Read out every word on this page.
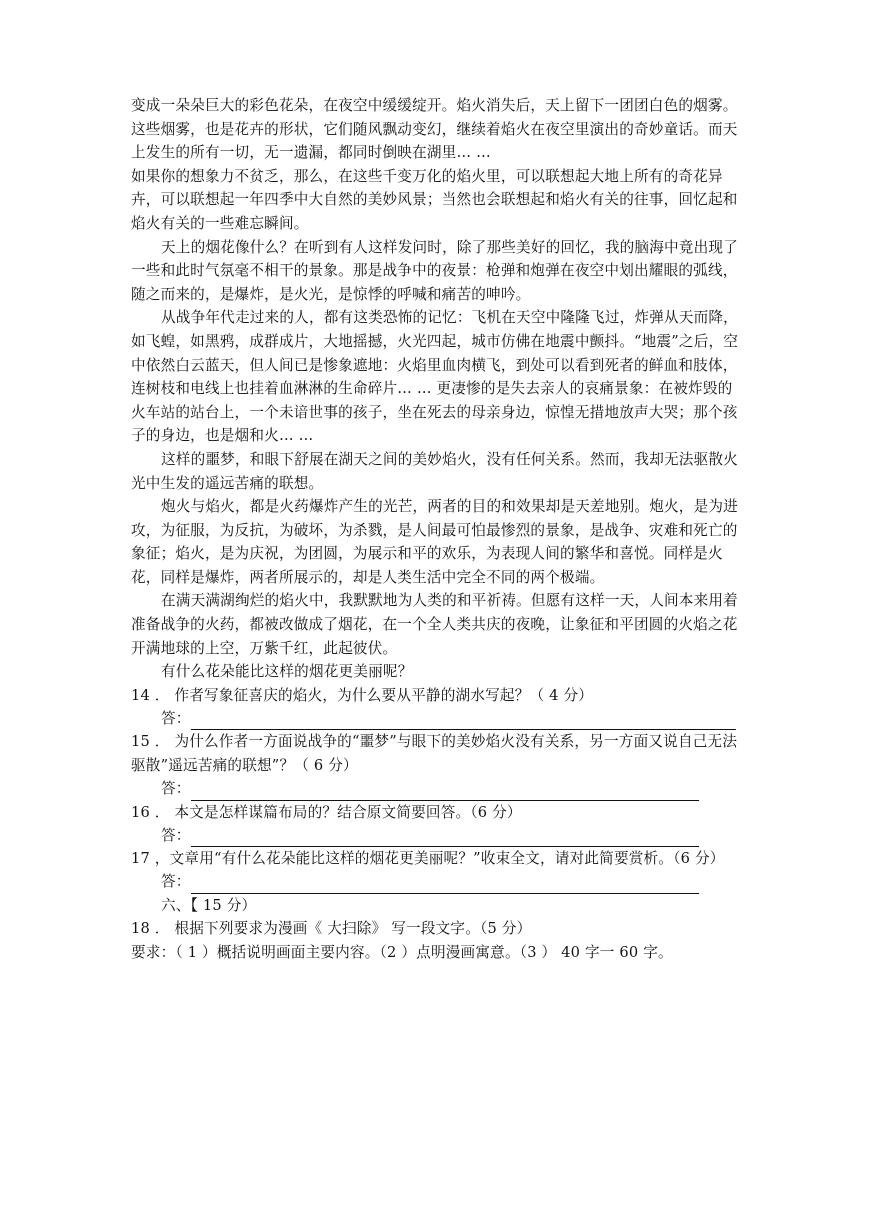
变成一朵朵巨大的彩色花朵，在夜空中缓缓绽开。焰火消失后，天上留下一团团白色的烟雾。这些烟雾，也是花卉的形状，它们随风飘动变幻，继续着焰火在夜空里演出的奇妙童话。而天上发生的所有一切，无一遗漏，都同时倒映在湖里… …

如果你的想象力不贫乏，那么，在这些千变万化的焰火里，可以联想起大地上所有的奇花异卉，可以联想起一年四季中大自然的美妙风景；当然也会联想起和焰火有关的往事，回忆起和焰火有关的一些难忘瞬间。

天上的烟花像什么？在听到有人这样发问时，除了那些美好的回忆，我的脑海中竟出现了一些和此时气氛毫不相干的景象。那是战争中的夜景：枪弹和炮弹在夜空中划出耀眼的弧线，随之而来的，是爆炸，是火光，是惊悸的呼喊和痛苦的呻吟。

从战争年代走过来的人，都有这类恐怖的记忆：飞机在天空中隆隆飞过，炸弹从天而降，如飞蝗，如黑鸦，成群成片，大地摇撼，火光四起，城市仿佛在地震中颤抖。“地震”之后，空中依然白云蓝天，但人间已是惨象遮地：火焰里血肉横飞，到处可以看到死者的鲜血和肢体，连树枝和电线上也挂着血淋淋的生命碎片… … 更凄惨的是失去亲人的哀痛景象：在被炸毁的火车站的站台上，一个未谙世事的孩子，坐在死去的母亲身边，惊惶无措地放声大哭；那个孩子的身边，也是烟和火… …

这样的噩梦，和眼下舒展在湖天之间的美妙焰火，没有任何关系。然而，我却无法驱散火光中生发的遥远苦痛的联想。

炮火与焰火，都是火药爆炸产生的光芒，两者的目的和效果却是天差地别。炮火，是为进攻，为征服，为反抗，为破坏，为杀戮，是人间最可怕最惨烈的景象，是战争、灾难和死亡的象征；焰火，是为庆祝，为团圆，为展示和平的欢乐，为表现人间的繁华和喜悦。同样是火花，同样是爆炸，两者所展示的，却是人类生活中完全不同的两个极端。

在满天满湖绚烂的焰火中，我默默地为人类的和平祈祷。但愿有这样一天，人间本来用着准备战争的火药，都被改做成了烟花，在一个全人类共庆的夜晚，让象征和平团圆的火焰之花开满地球的上空，万紫千红，此起彼伏。

有什么花朵能比这样的烟花更美丽呢？

14 ． 作者写象征喜庆的焰火，为什么要从平静的湖水写起？（ 4 分）

答：

15 ． 为什么作者一方面说战争的“噩梦”与眼下的美妙焰火没有关系，另一方面又说自己无法驱散”遥远苦痛的联想”？（ 6 分）

答：

16 ． 本文是怎样谋篇布局的？结合原文简要回答。（6 分）

答：

17 ，文章用“有什么花朵能比这样的烟花更美丽呢？”收束全文，请对此简要赏析。（6 分）

答：

六、【 15 分）

18 ． 根据下列要求为漫画《 大扫除》 写一段文字。（5 分）

要求：（ 1 ）概括说明画面主要内容。（2 ）点明漫画寓意。（3 ） 40 字一 60 字。
